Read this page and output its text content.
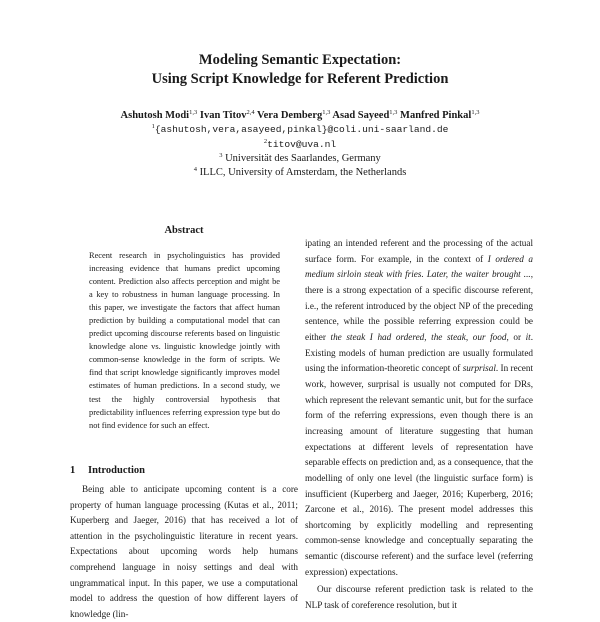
Modeling Semantic Expectation:
Using Script Knowledge for Referent Prediction
Ashutosh Modi$^{1,3}$ Ivan Titov$^{2,4}$ Vera Demberg$^{1,3}$ Asad Sayeed$^{1,3}$ Manfred Pinkal$^{1,3}$
$^1${ashutosh,vera,asayeed,pinkal}@coli.uni-saarland.de
$^2$titov@uva.nl
$^3$ Universität des Saarlandes, Germany
$^4$ ILLC, University of Amsterdam, the Netherlands
Abstract
Recent research in psycholinguistics has provided increasing evidence that humans predict upcoming content. Prediction also affects perception and might be a key to robustness in human language processing. In this paper, we investigate the factors that affect human prediction by building a computational model that can predict upcoming discourse referents based on linguistic knowledge alone vs. linguistic knowledge jointly with common-sense knowledge in the form of scripts. We find that script knowledge significantly improves model estimates of human predictions. In a second study, we test the highly controversial hypothesis that predictability influences referring expression type but do not find evidence for such an effect.
1 Introduction
Being able to anticipate upcoming content is a core property of human language processing (Kutas et al., 2011; Kuperberg and Jaeger, 2016) that has received a lot of attention in the psycholinguistic literature in recent years. Expectations about upcoming words help humans comprehend language in noisy settings and deal with ungrammatical input. In this paper, we use a computational model to address the question of how different layers of knowledge (lin-

ipating an intended referent and the processing of the actual surface form. For example, in the context of I ordered a medium sirloin steak with fries. Later, the waiter brought ..., there is a strong expectation of a specific discourse referent, i.e., the referent introduced by the object NP of the preceding sentence, while the possible referring expression could be either the steak I had ordered, the steak, our food, or it. Existing models of human prediction are usually formulated using the information-theoretic concept of surprisal. In recent work, however, surprisal is usually not computed for DRs, which represent the relevant semantic unit, but for the surface form of the referring expressions, even though there is an increasing amount of literature suggesting that human expectations at different levels of representation have separable effects on prediction and, as a consequence, that the modelling of only one level (the linguistic surface form) is insufficient (Kuperberg and Jaeger, 2016; Kuperberg, 2016; Zarcone et al., 2016). The present model addresses this shortcoming by explicitly modelling and representing common-sense knowledge and conceptually separating the semantic (discourse referent) and the surface level (referring expression) expectations.

Our discourse referent prediction task is related to the NLP task of coreference resolution, but it
